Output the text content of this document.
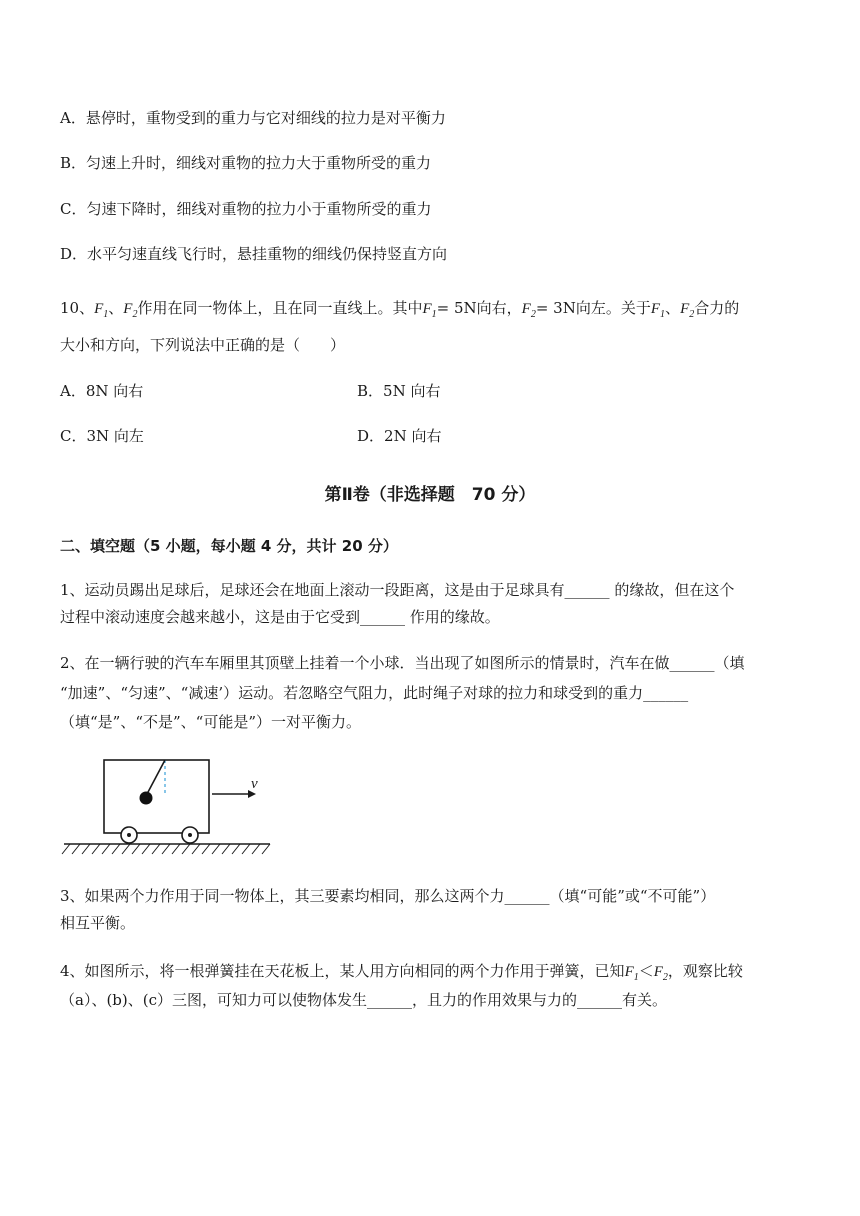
A．悬停时，重物受到的重力与它对细线的拉力是对平衡力
B．匀速上升时，细线对重物的拉力大于重物所受的重力
C．匀速下降时，细线对重物的拉力小于重物所受的重力
D．水平匀速直线飞行时，悬挂重物的细线仍保持竖直方向
10、$F_1$、$F_2$作用在同一物体上，且在同一直线上。其中$F_1= 5N$向右，$F_2= 3N$向左。关于$F_1$、$F_2$合力的
大小和方向，下列说法中正确的是（　　）
A．8N 向右	B．5N 向右
C．3N 向左	D．2N 向右
第Ⅱ卷（非选择题　70 分）
二、填空题（5 小题，每小题 4 分，共计 20 分）
1、运动员踢出足球后，足球还会在地面上滚动一段距离，这是由于足球具有______ 的缘故，但在这个
过程中滚动速度会越来越小，这是由于它受到______ 作用的缘故。
2、在一辆行驶的汽车车厢里其顶壁上挂着一个小球．当出现了如图所示的情景时，汽车在做______（填
“加速”、“匀速”、“减速’）运动。若忽略空气阻力，此时绳子对球的拉力和球受到的重力______
（填“是”、“不是”、“可能是”）一对平衡力。
v
3、如果两个力作用于同一物体上，其三要素均相同，那么这两个力______（填“可能”或“不可能”）
相互平衡。
4、如图所示，将一根弹簧挂在天花板上，某人用方向相同的两个力作用于弹簧，已知$F_1<F_2$，观察比较
（a）、(b)、(c）三图，可知力可以使物体发生______，且力的作用效果与力的______有关。
